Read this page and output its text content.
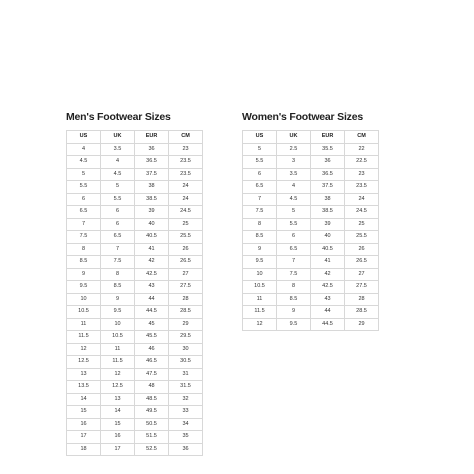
Men's Footwear Sizes
US	UK	EUR	CM
4	3.5	36	23
4.5	4	36.5	23.5
5	4.5	37.5	23.5
5.5	5	38	24
6	5.5	38.5	24
6.5	6	39	24.5
7	6	40	25
7.5	6.5	40.5	25.5
8	7	41	26
8.5	7.5	42	26.5
9	8	42.5	27
9.5	8.5	43	27.5
10	9	44	28
10.5	9.5	44.5	28.5
11	10	45	29
11.5	10.5	45.5	29.5
12	11	46	30
12.5	11.5	46.5	30.5
13	12	47.5	31
13.5	12.5	48	31.5
14	13	48.5	32
15	14	49.5	33
16	15	50.5	34
17	16	51.5	35
18	17	52.5	36
Women's Footwear Sizes
US	UK	EUR	CM
5	2.5	35.5	22
5.5	3	36	22.5
6	3.5	36.5	23
6.5	4	37.5	23.5
7	4.5	38	24
7.5	5	38.5	24.5
8	5.5	39	25
8.5	6	40	25.5
9	6.5	40.5	26
9.5	7	41	26.5
10	7.5	42	27
10.5	8	42.5	27.5
11	8.5	43	28
11.5	9	44	28.5
12	9.5	44.5	29
